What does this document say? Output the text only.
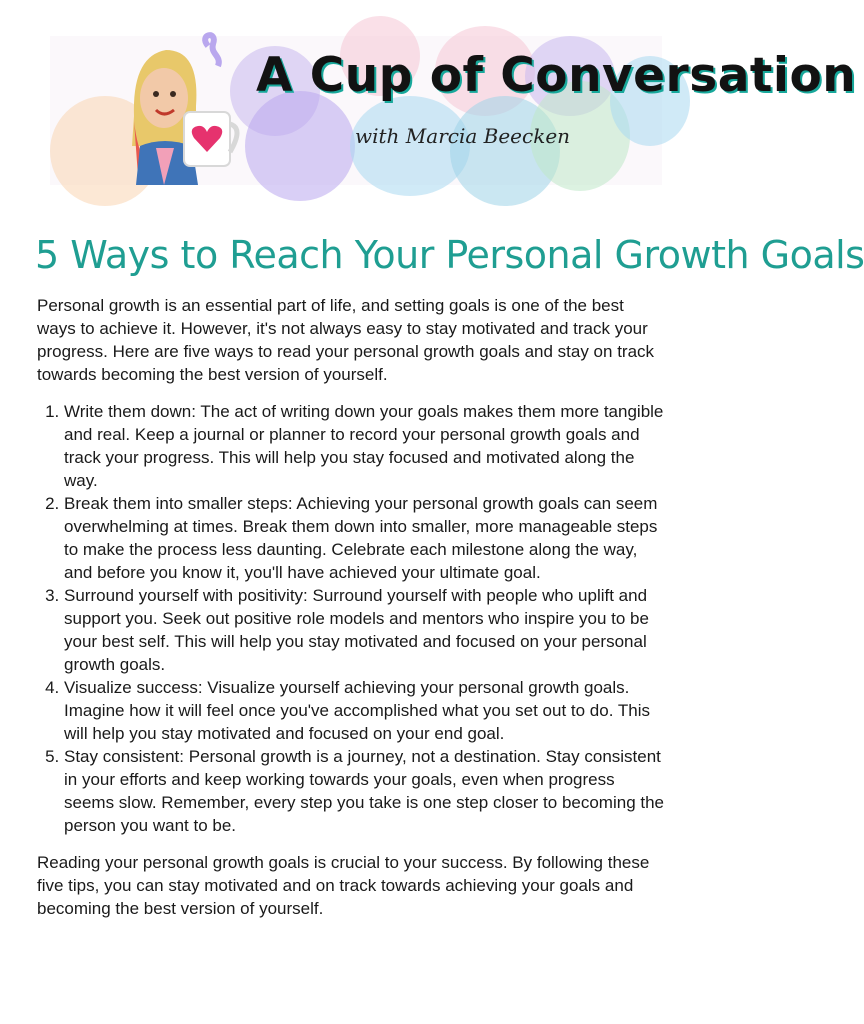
A Cup of Conversation
with Marcia Beecken
5 Ways to Reach Your Personal Growth Goals

Personal growth is an essential part of life, and setting goals is one of the best ways to achieve it. However, it's not always easy to stay motivated and track your progress. Here are five ways to read your personal growth goals and stay on track towards becoming the best version of yourself.

1. Write them down: The act of writing down your goals makes them more tangible and real. Keep a journal or planner to record your personal growth goals and track your progress. This will help you stay focused and motivated along the way.
2. Break them into smaller steps: Achieving your personal growth goals can seem overwhelming at times. Break them down into smaller, more manageable steps to make the process less daunting. Celebrate each milestone along the way, and before you know it, you'll have achieved your ultimate goal.
3. Surround yourself with positivity: Surround yourself with people who uplift and support you. Seek out positive role models and mentors who inspire you to be your best self. This will help you stay motivated and focused on your personal growth goals.
4. Visualize success: Visualize yourself achieving your personal growth goals. Imagine how it will feel once you've accomplished what you set out to do. This will help you stay motivated and focused on your end goal.
5. Stay consistent: Personal growth is a journey, not a destination. Stay consistent in your efforts and keep working towards your goals, even when progress seems slow. Remember, every step you take is one step closer to becoming the person you want to be.

Reading your personal growth goals is crucial to your success. By following these five tips, you can stay motivated and on track towards achieving your goals and becoming the best version of yourself.
